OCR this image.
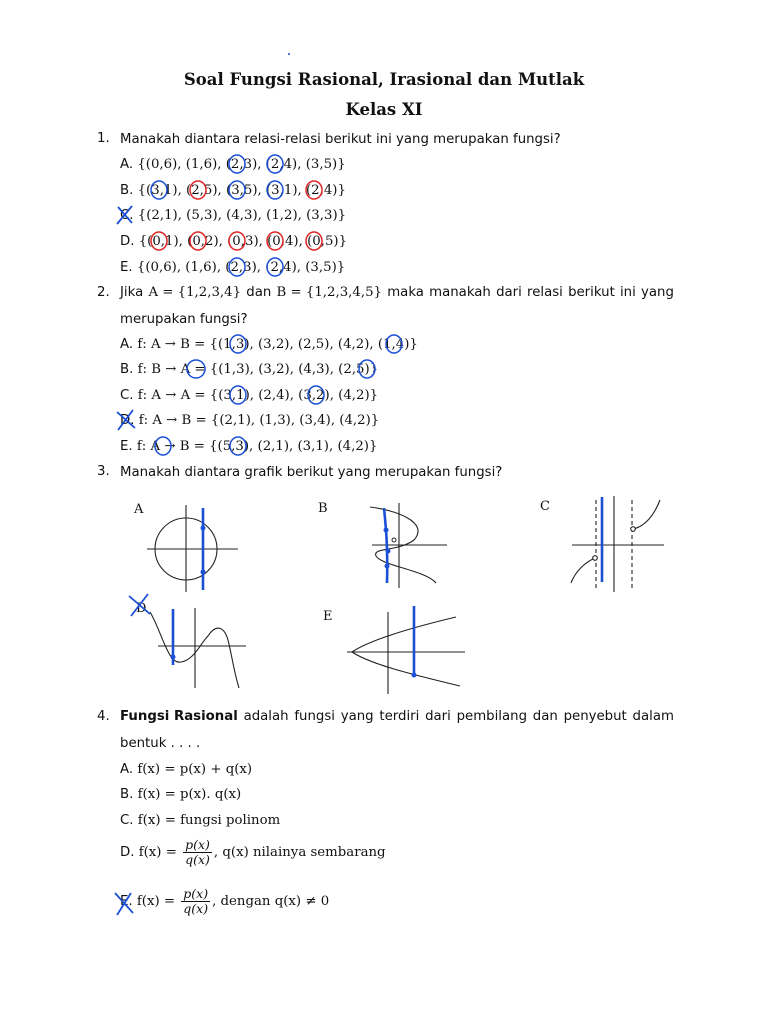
Soal Fungsi Rasional, Irasional dan Mutlak
Kelas XI
1. Manakah diantara relasi-relasi berikut ini yang merupakan fungsi?
A. {(0,6), (1,6), (2,3), (2,4), (3,5)}
B. {(3,1), (2,5), (3,5), (3,1), (2,4)}
C. {(2,1), (5,3), (4,3), (1,2), (3,3)}
D. {(0,1), (0,2), (0,3), (0,4), (0,5)}
E. {(0,6), (1,6), (2,3), (2,4), (3,5)}
2. Jika A = {1,2,3,4} dan B = {1,2,3,4,5} maka manakah dari relasi berikut ini yang
merupakan fungsi?
A. f: A → B = {(1,3), (3,2), (2,5), (4,2), (1,4)}
B. f: B → A = {(1,3), (3,2), (4,3), (2,5)}
C. f: A → A = {(3,1), (2,4), (3,2), (4,2)}
D. f: A → B = {(2,1), (1,3), (3,4), (4,2)}
E. f: A → B = {(5,3), (2,1), (3,1), (4,2)}
3. Manakah diantara grafik berikut yang merupakan fungsi?
A	B	C
D
E
4. Fungsi Rasional adalah fungsi yang terdiri dari pembilang dan penyebut dalam
bentuk . . . .
A. f(x) = p(x) + q(x)
B. f(x) = p(x). q(x)
C. f(x) = fungsi polinom
D. $f(x) = \frac{p(x)}{q(x)}$ , q(x) nilainya sembarang
E. $f(x) = \frac{p(x)}{q(x)}$ , dengan q(x) ≠ 0
